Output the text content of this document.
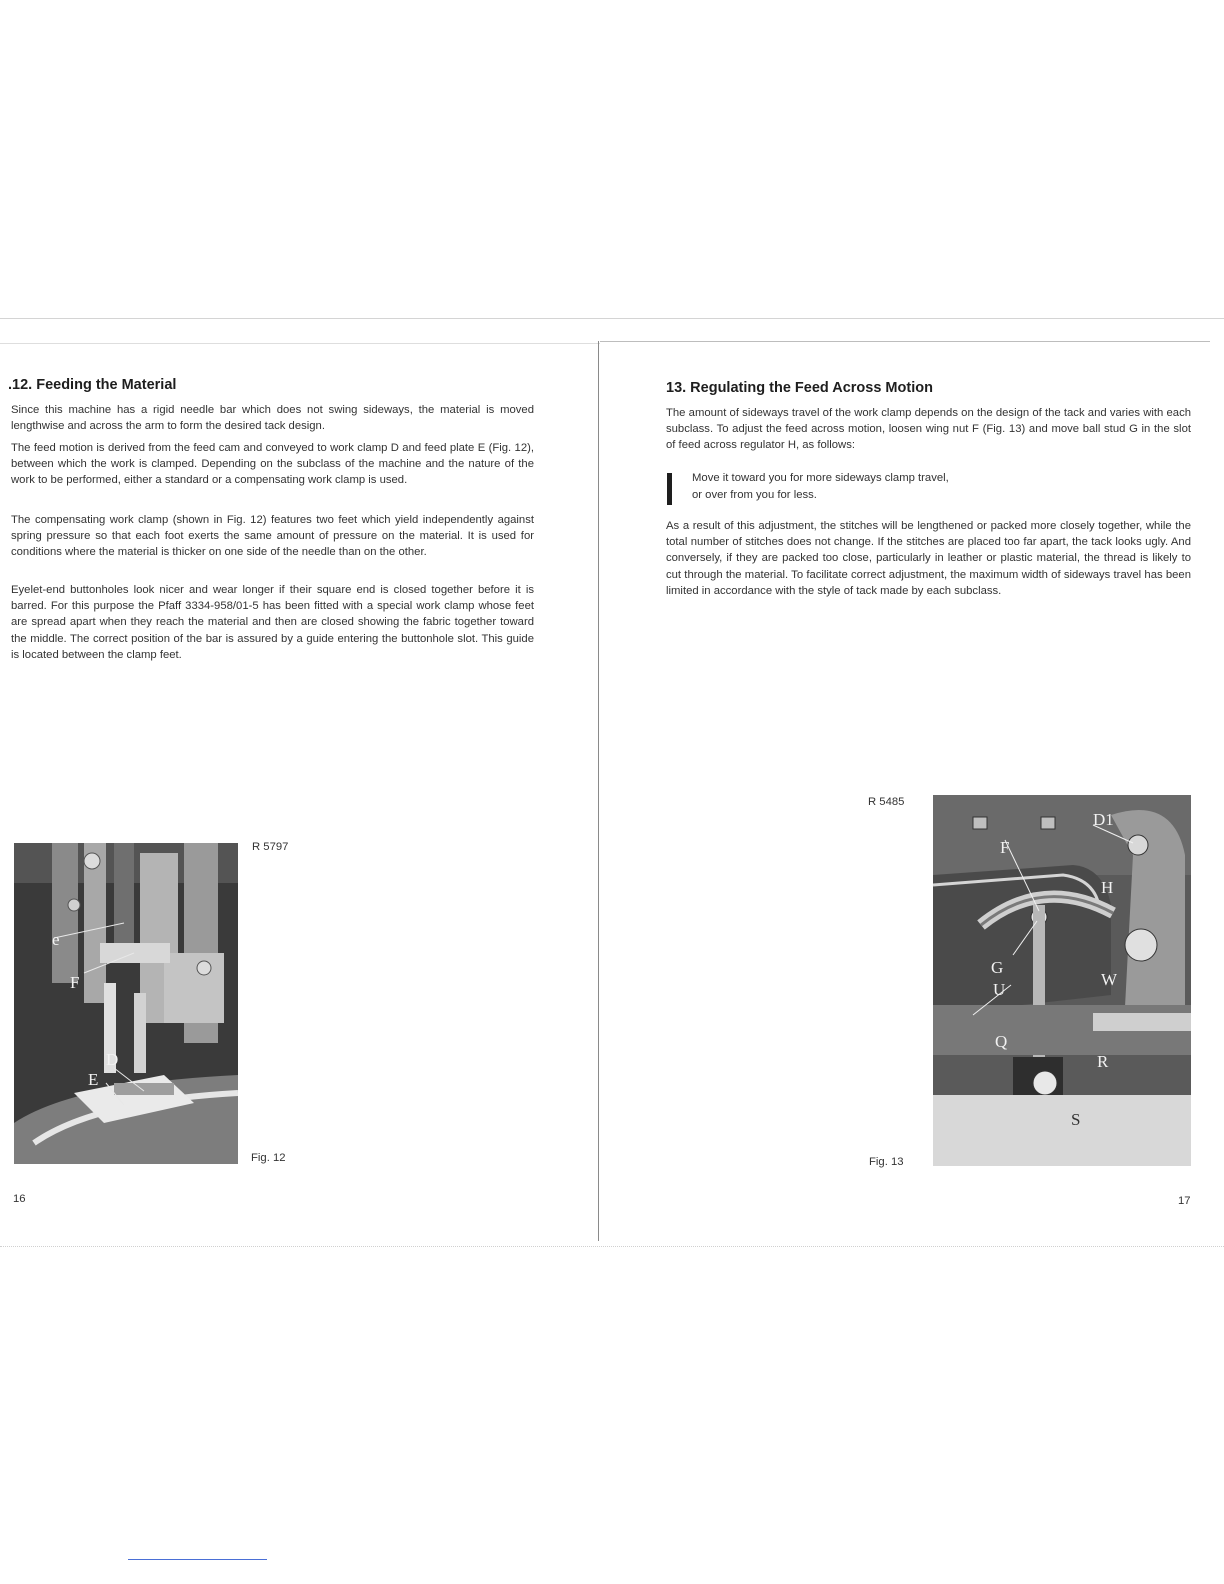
.12. Feeding the Material

Since this machine has a rigid needle bar which does not swing sideways, the material is moved lengthwise and across the arm to form the desired tack design.

The feed motion is derived from the feed cam and conveyed to work clamp D and feed plate E (Fig. 12), between which the work is clamped. Depending on the subclass of the machine and the nature of the work to be performed, either a standard or a compensating work clamp is used.

The compensating work clamp (shown in Fig. 12) features two feet which yield independently against spring pressure so that each foot exerts the same amount of pressure on the material. It is used for conditions where the material is thicker on one side of the needle than on the other.

Eyelet-end buttonholes look nicer and wear longer if their square end is closed together before it is barred. For this purpose the Pfaff 3334-958/01-5 has been fitted with a special work clamp whose feet are spread apart when they reach the material and then are closed showing the fabric together toward the middle. The correct position of the bar is assured by a guide entering the buttonhole slot. This guide is located between the clamp feet.

e
F
D
E
R 5797
Fig. 12
16
13. Regulating the Feed Across Motion

The amount of sideways travel of the work clamp depends on the design of the tack and varies with each subclass. To adjust the feed across motion, loosen wing nut F (Fig. 13) and move ball stud G in the slot of feed across regulator H, as follows:

Move it toward you for more sideways clamp travel,

or over from you for less.

As a result of this adjustment, the stitches will be lengthened or packed more closely together, while the total number of stitches does not change. If the stitches are placed too far apart, the tack looks ugly. And conversely, if they are packed too close, particularly in leather or plastic material, the thread is likely to cut through the material. To facilitate correct adjustment, the maximum width of sideways travel has been limited in accordance with the style of tack made by each subclass.

R 5485
D1
F
H
G
U
W
Q
R
S
Fig. 13
17
